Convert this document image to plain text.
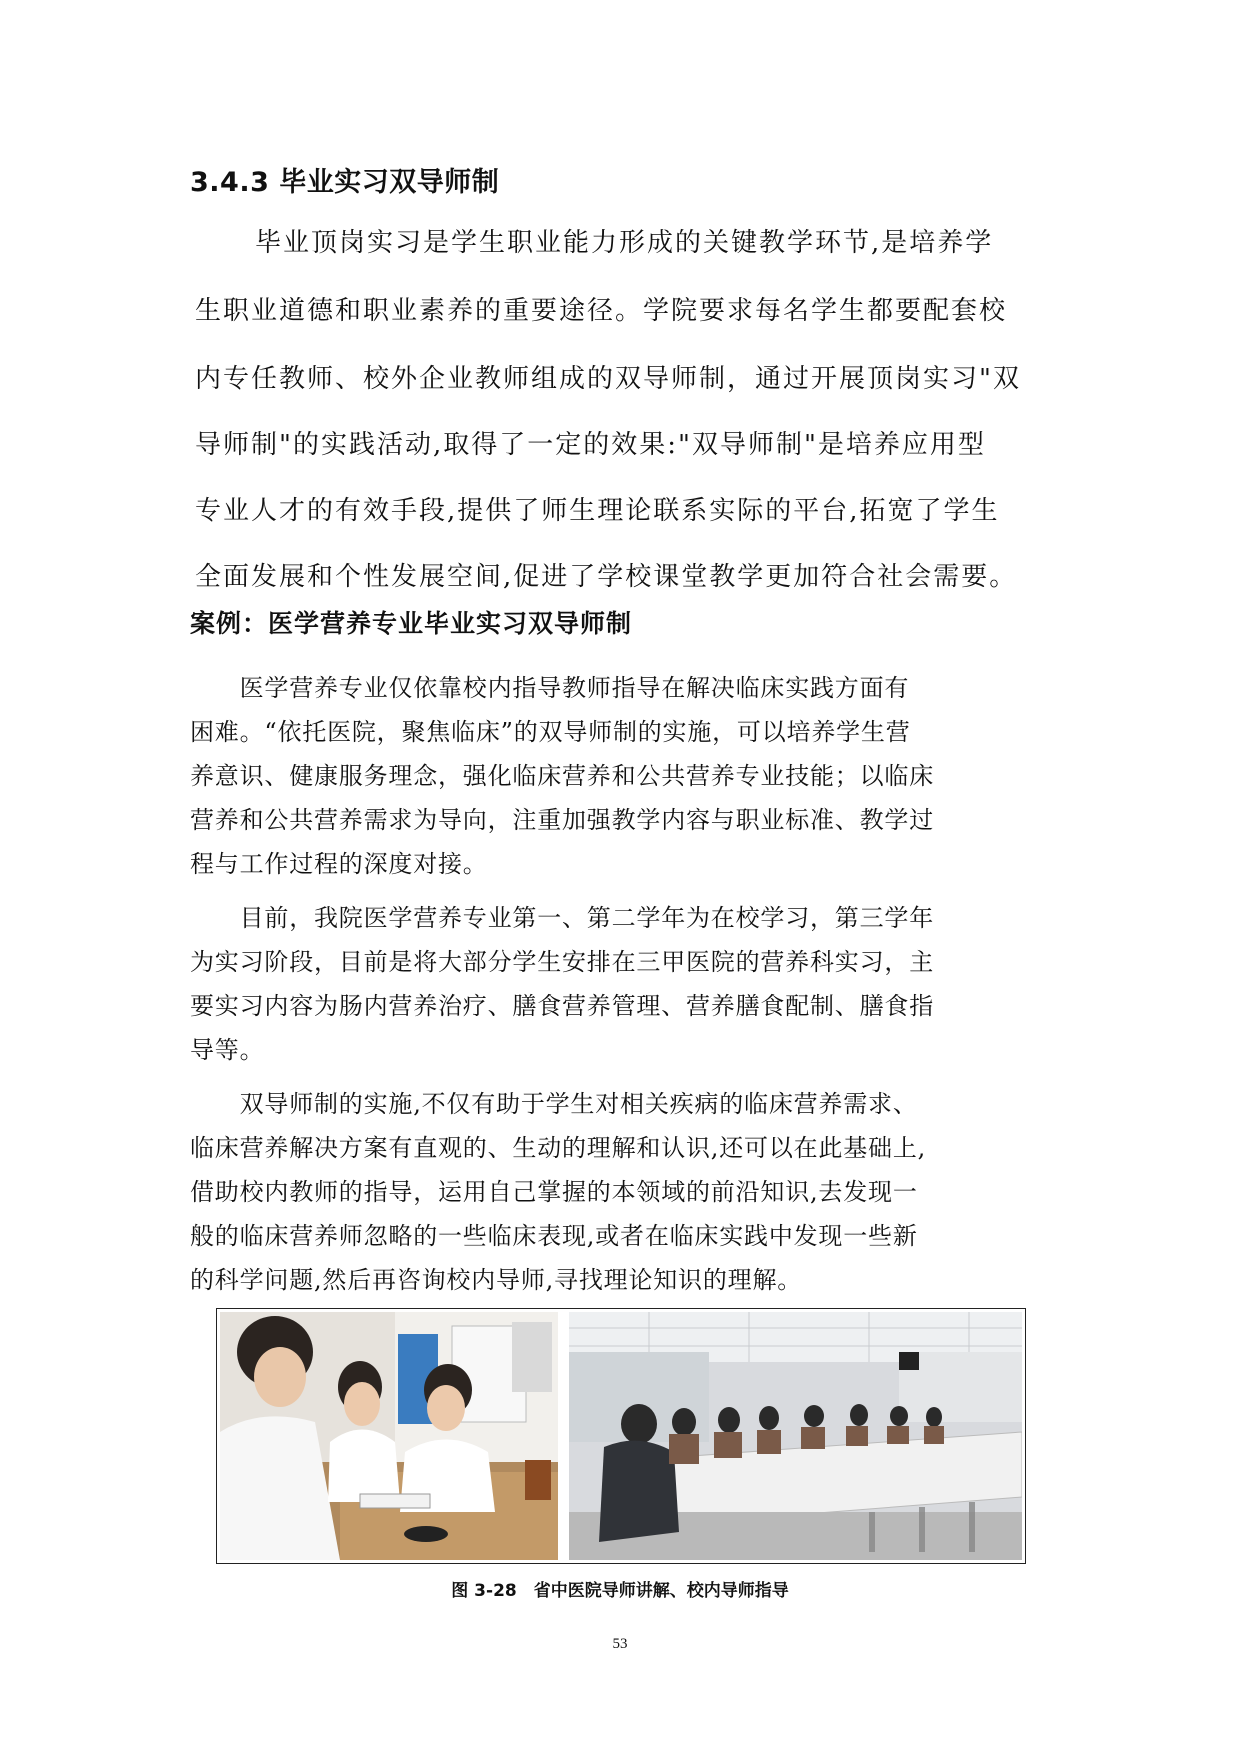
3.4.3 毕业实习双导师制
毕业顶岗实习是学生职业能力形成的关键教学环节,是培养学
生职业道德和职业素养的重要途径。学院要求每名学生都要配套校
内专任教师、校外企业教师组成的双导师制，通过开展顶岗实习"双
导师制"的实践活动,取得了一定的效果:"双导师制"是培养应用型
专业人才的有效手段,提供了师生理论联系实际的平台,拓宽了学生
全面发展和个性发展空间,促进了学校课堂教学更加符合社会需要。
案例：医学营养专业毕业实习双导师制
　　医学营养专业仅依靠校内指导教师指导在解决临床实践方面有
困难。“依托医院，聚焦临床”的双导师制的实施，可以培养学生营
养意识、健康服务理念，强化临床营养和公共营养专业技能；以临床
营养和公共营养需求为导向，注重加强教学内容与职业标准、教学过
程与工作过程的深度对接。
　　目前，我院医学营养专业第一、第二学年为在校学习，第三学年
为实习阶段，目前是将大部分学生安排在三甲医院的营养科实习，主
要实习内容为肠内营养治疗、膳食营养管理、营养膳食配制、膳食指
导等。
　　双导师制的实施,不仅有助于学生对相关疾病的临床营养需求、
临床营养解决方案有直观的、生动的理解和认识,还可以在此基础上,
借助校内教师的指导，运用自己掌握的本领域的前沿知识,去发现一
般的临床营养师忽略的一些临床表现,或者在临床实践中发现一些新
的科学问题,然后再咨询校内导师,寻找理论知识的理解。
图 3-28　省中医院导师讲解、校内导师指导
53
